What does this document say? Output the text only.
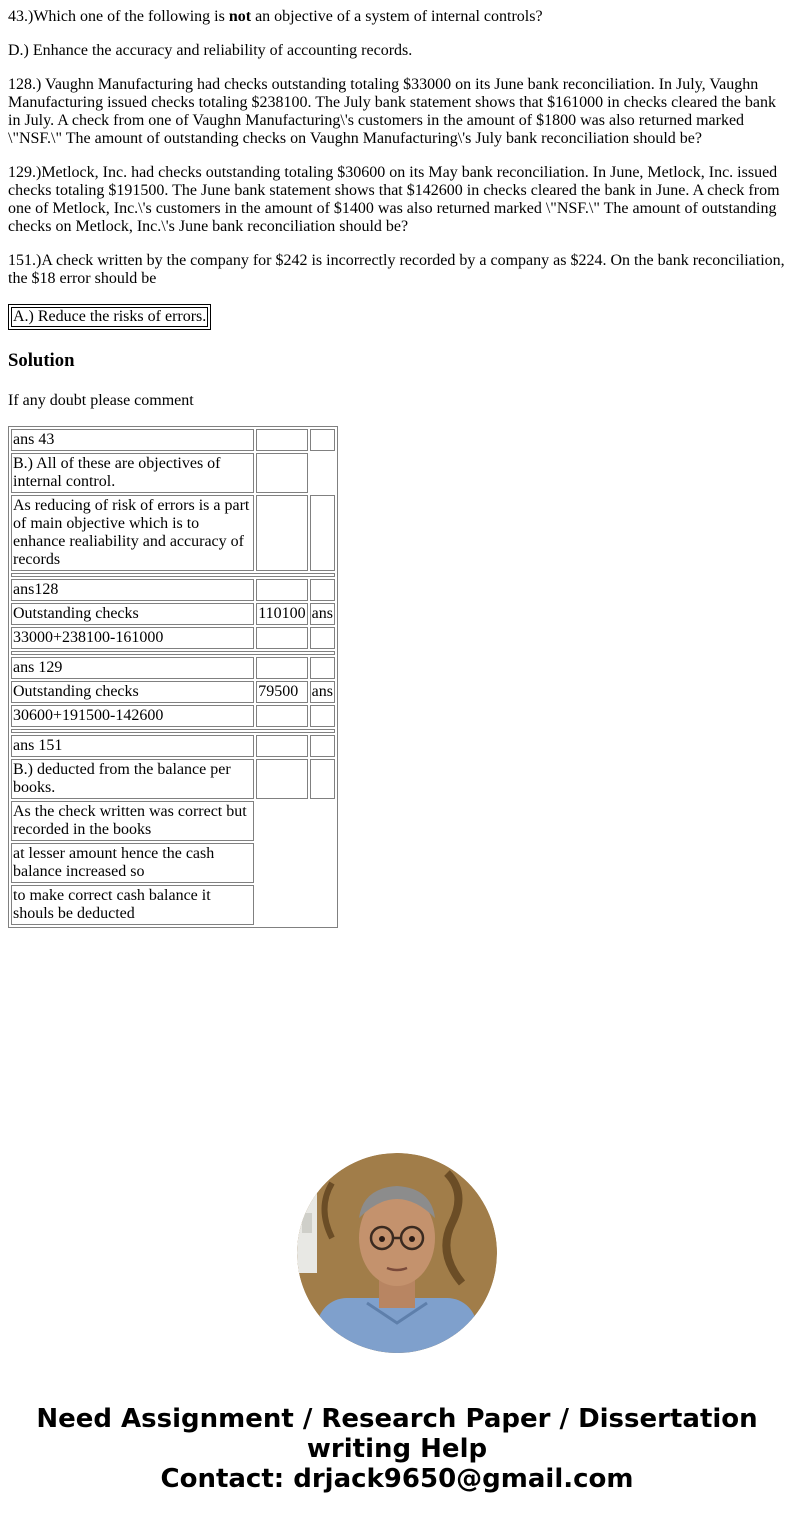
43.)Which one of the following is not an objective of a system of internal controls?

D.) Enhance the accuracy and reliability of accounting records.

128.) Vaughn Manufacturing had checks outstanding totaling $33000 on its June bank reconciliation. In July, Vaughn Manufacturing issued checks totaling $238100. The July bank statement shows that $161000 in checks cleared the bank in July. A check from one of Vaughn Manufacturing\'s customers in the amount of $1800 was also returned marked \"NSF.\" The amount of outstanding checks on Vaughn Manufacturing\'s July bank reconciliation should be?

129.)Metlock, Inc. had checks outstanding totaling $30600 on its May bank reconciliation. In June, Metlock, Inc. issued checks totaling $191500. The June bank statement shows that $142600 in checks cleared the bank in June. A check from one of Metlock, Inc.\'s customers in the amount of $1400 was also returned marked \"NSF.\" The amount of outstanding checks on Metlock, Inc.\'s June bank reconciliation should be?

151.)A check written by the company for $242 is incorrectly recorded by a company as $224. On the bank reconciliation, the $18 error should be

A.) Reduce the risks of errors.
Solution

If any doubt please comment

ans 43		
B.) All of these are objectives of internal control.		
As reducing of risk of errors is a part of main objective which is to enhance realiability and accuracy of records		

ans128		
Outstanding checks	110100	ans
33000+238100-161000		

ans 129		
Outstanding checks	79500	ans
30600+191500-142600		

ans 151		
B.) deducted from the balance per books.		
As the check written was correct but recorded in the books		
at lesser amount hence the cash balance increased so		
to make correct cash balance it shouls be deducted		
Need Assignment / Research Paper / Dissertation
writing Help
Contact: drjack9650@gmail.com
